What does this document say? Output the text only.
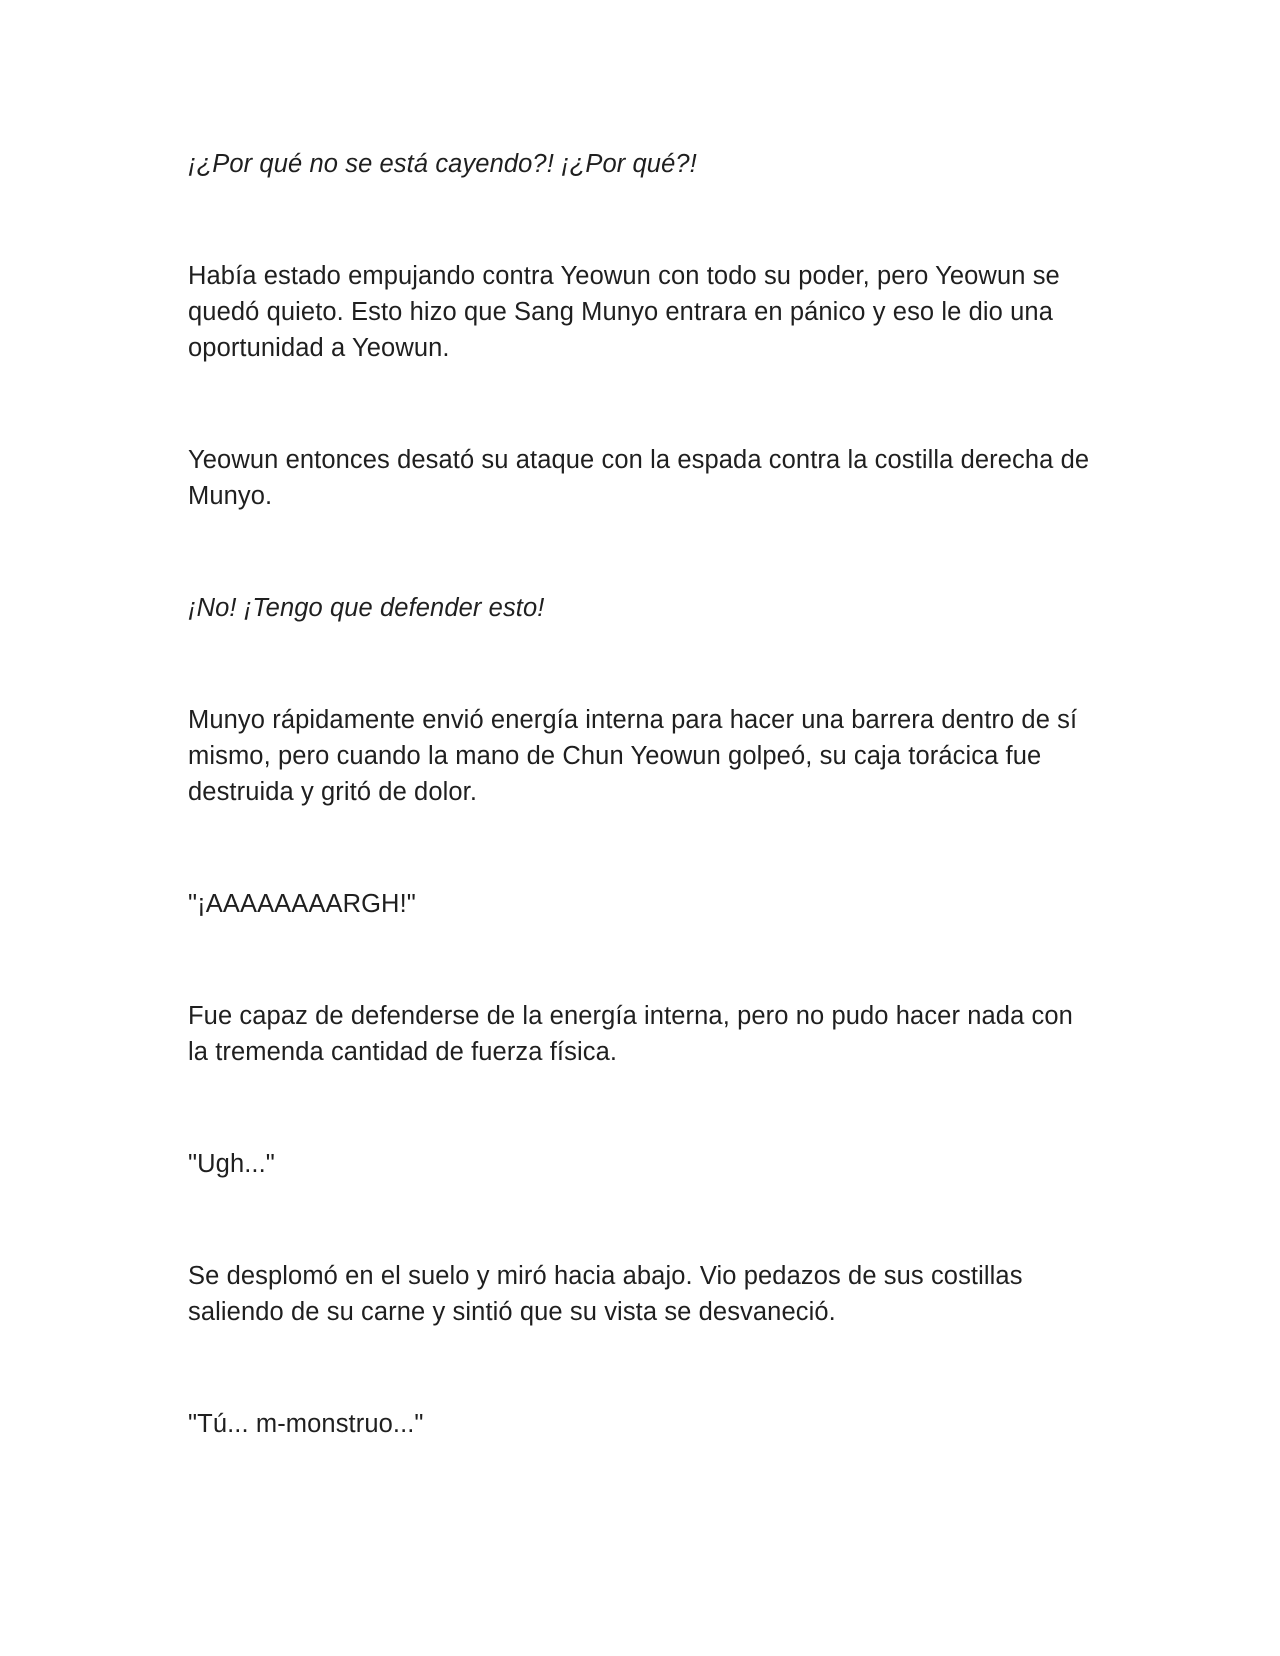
¡¿Por qué no se está cayendo?! ¡¿Por qué?!

Había estado empujando contra Yeowun con todo su poder, pero Yeowun se quedó quieto. Esto hizo que Sang Munyo entrara en pánico y eso le dio una oportunidad a Yeowun.

Yeowun entonces desató su ataque con la espada contra la costilla derecha de Munyo.

¡No! ¡Tengo que defender esto!

Munyo rápidamente envió energía interna para hacer una barrera dentro de sí mismo, pero cuando la mano de Chun Yeowun golpeó, su caja torácica fue destruida y gritó de dolor.

"¡AAAAAAAARGH!"

Fue capaz de defenderse de la energía interna, pero no pudo hacer nada con la tremenda cantidad de fuerza física.

"Ugh..."

Se desplomó en el suelo y miró hacia abajo. Vio pedazos de sus costillas saliendo de su carne y sintió que su vista se desvaneció.

"Tú... m-monstruo..."
